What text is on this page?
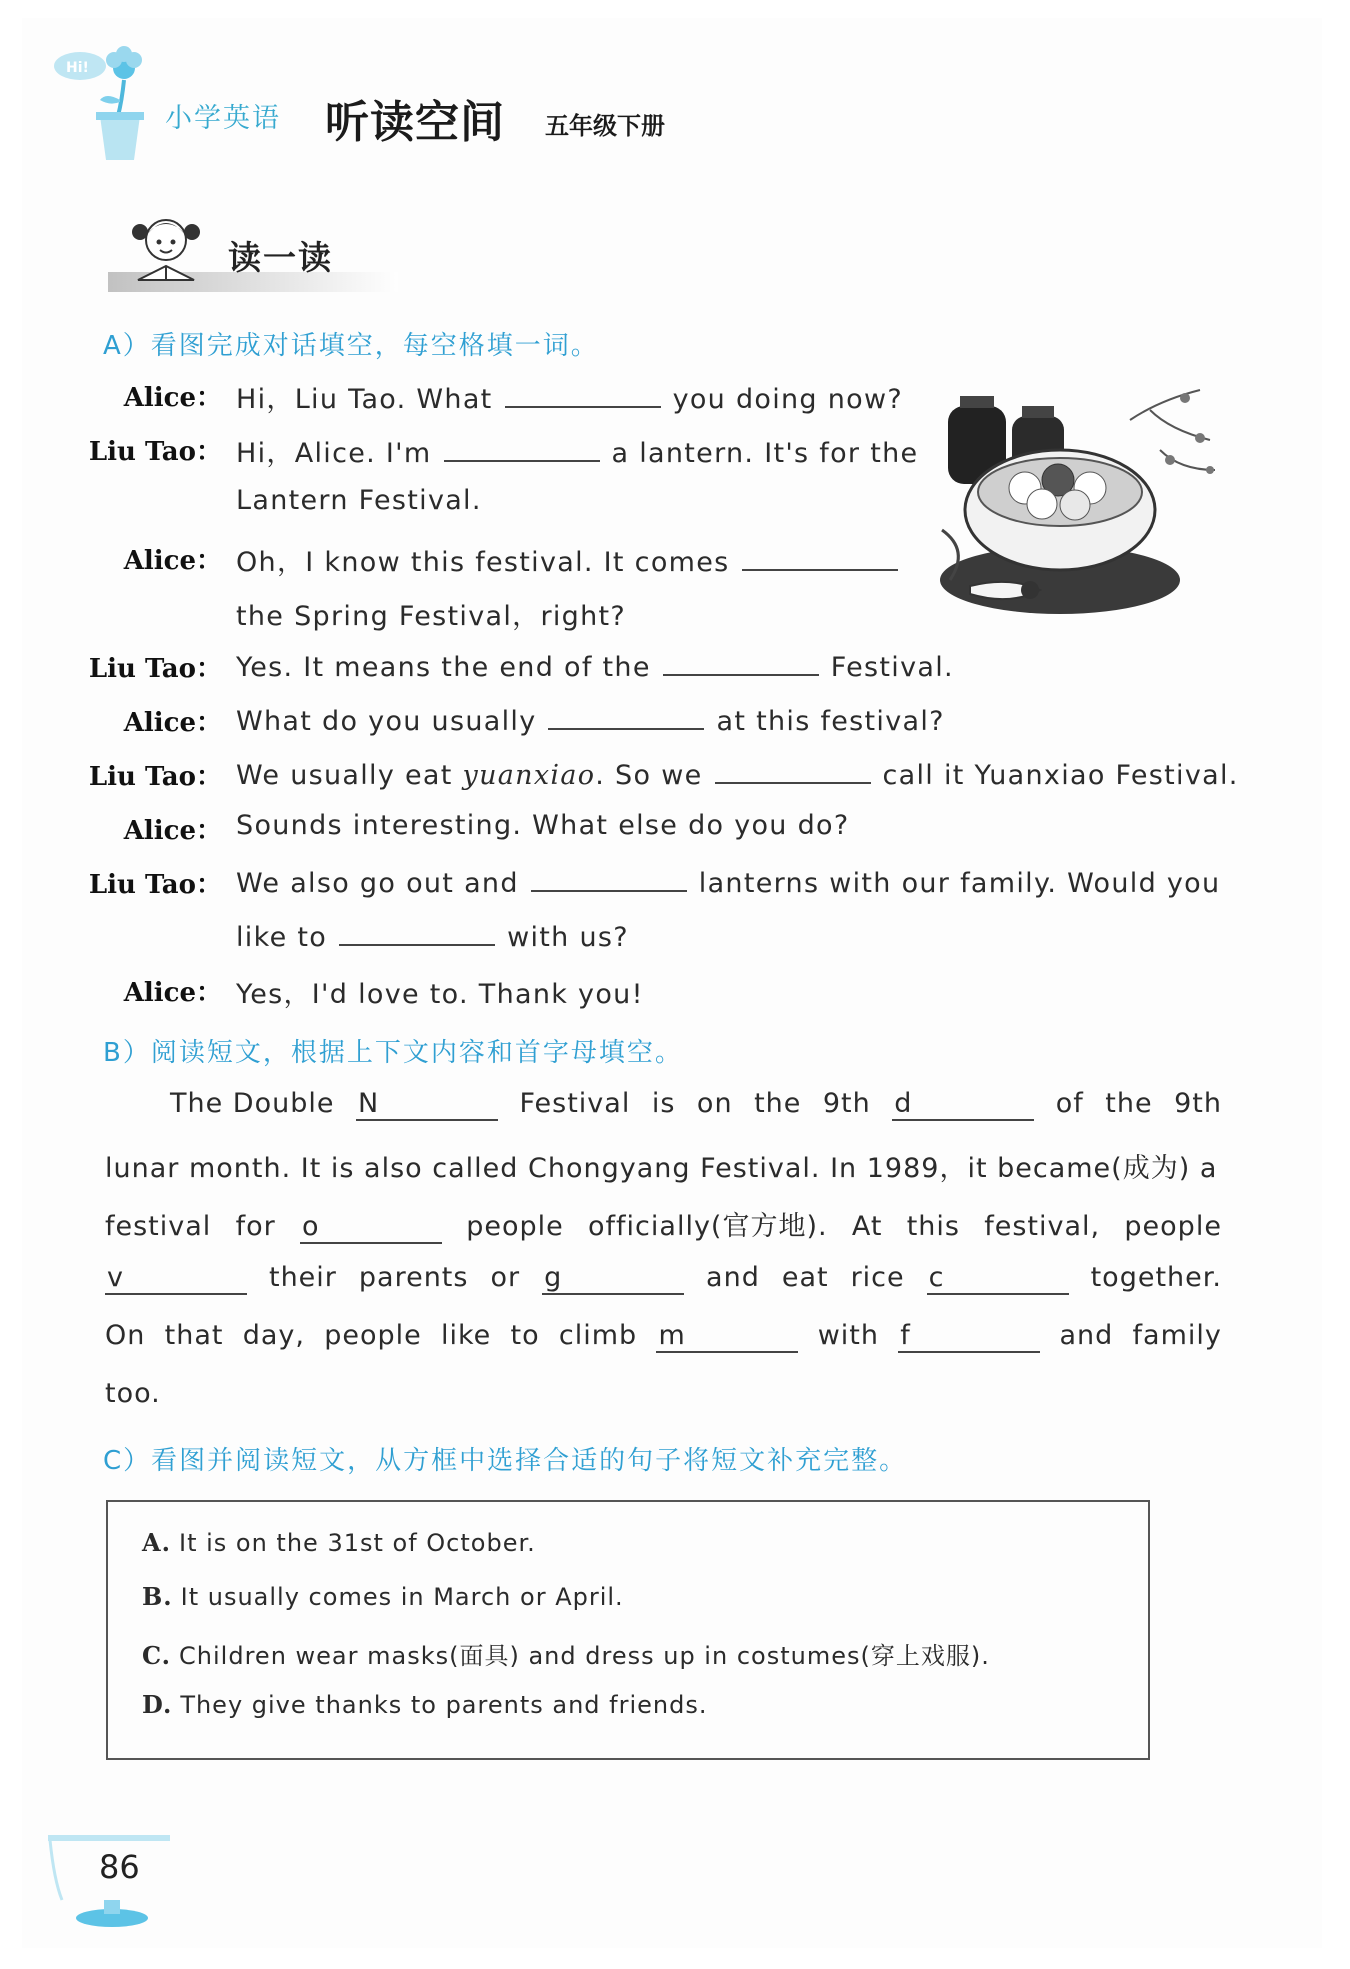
Hi!
小学英语 听读空间 五年级下册
读一读
A）看图完成对话填空，每空格填一词。
Alice： Hi，Liu Tao. What	you doing now?
Liu Tao： Hi，Alice. I'm	a lantern. It's for the
Lantern Festival.
Alice： Oh，I know this festival. It comes
the Spring Festival，right?
Liu Tao： Yes. It means the end of the	Festival.
Alice： What do you usually	at this festival?
Liu Tao： We usually eat yuanxiao. So we	call it Yuanxiao Festival.
Alice： Sounds interesting. What else do you do?
Liu Tao： We also go out and	lanterns with our family. Would you
like to	with us?
Alice： Yes，I'd love to. Thank you!
B）阅读短文，根据上下文内容和首字母填空。
The Double N	Festival is on the 9th d	of the 9th
lunar month. It is also called Chongyang Festival. In 1989，it became(成为) a
festival for o	people officially(官方地). At this festival, people
v	their parents or g	and eat rice c	together.
On that day, people like to climb m	with f	and family
too.
C）看图并阅读短文，从方框中选择合适的句子将短文补充完整。
A. It is on the 31st of October.
B. It usually comes in March or April.
C. Children wear masks(面具) and dress up in costumes(穿上戏服).
D. They give thanks to parents and friends.
86
